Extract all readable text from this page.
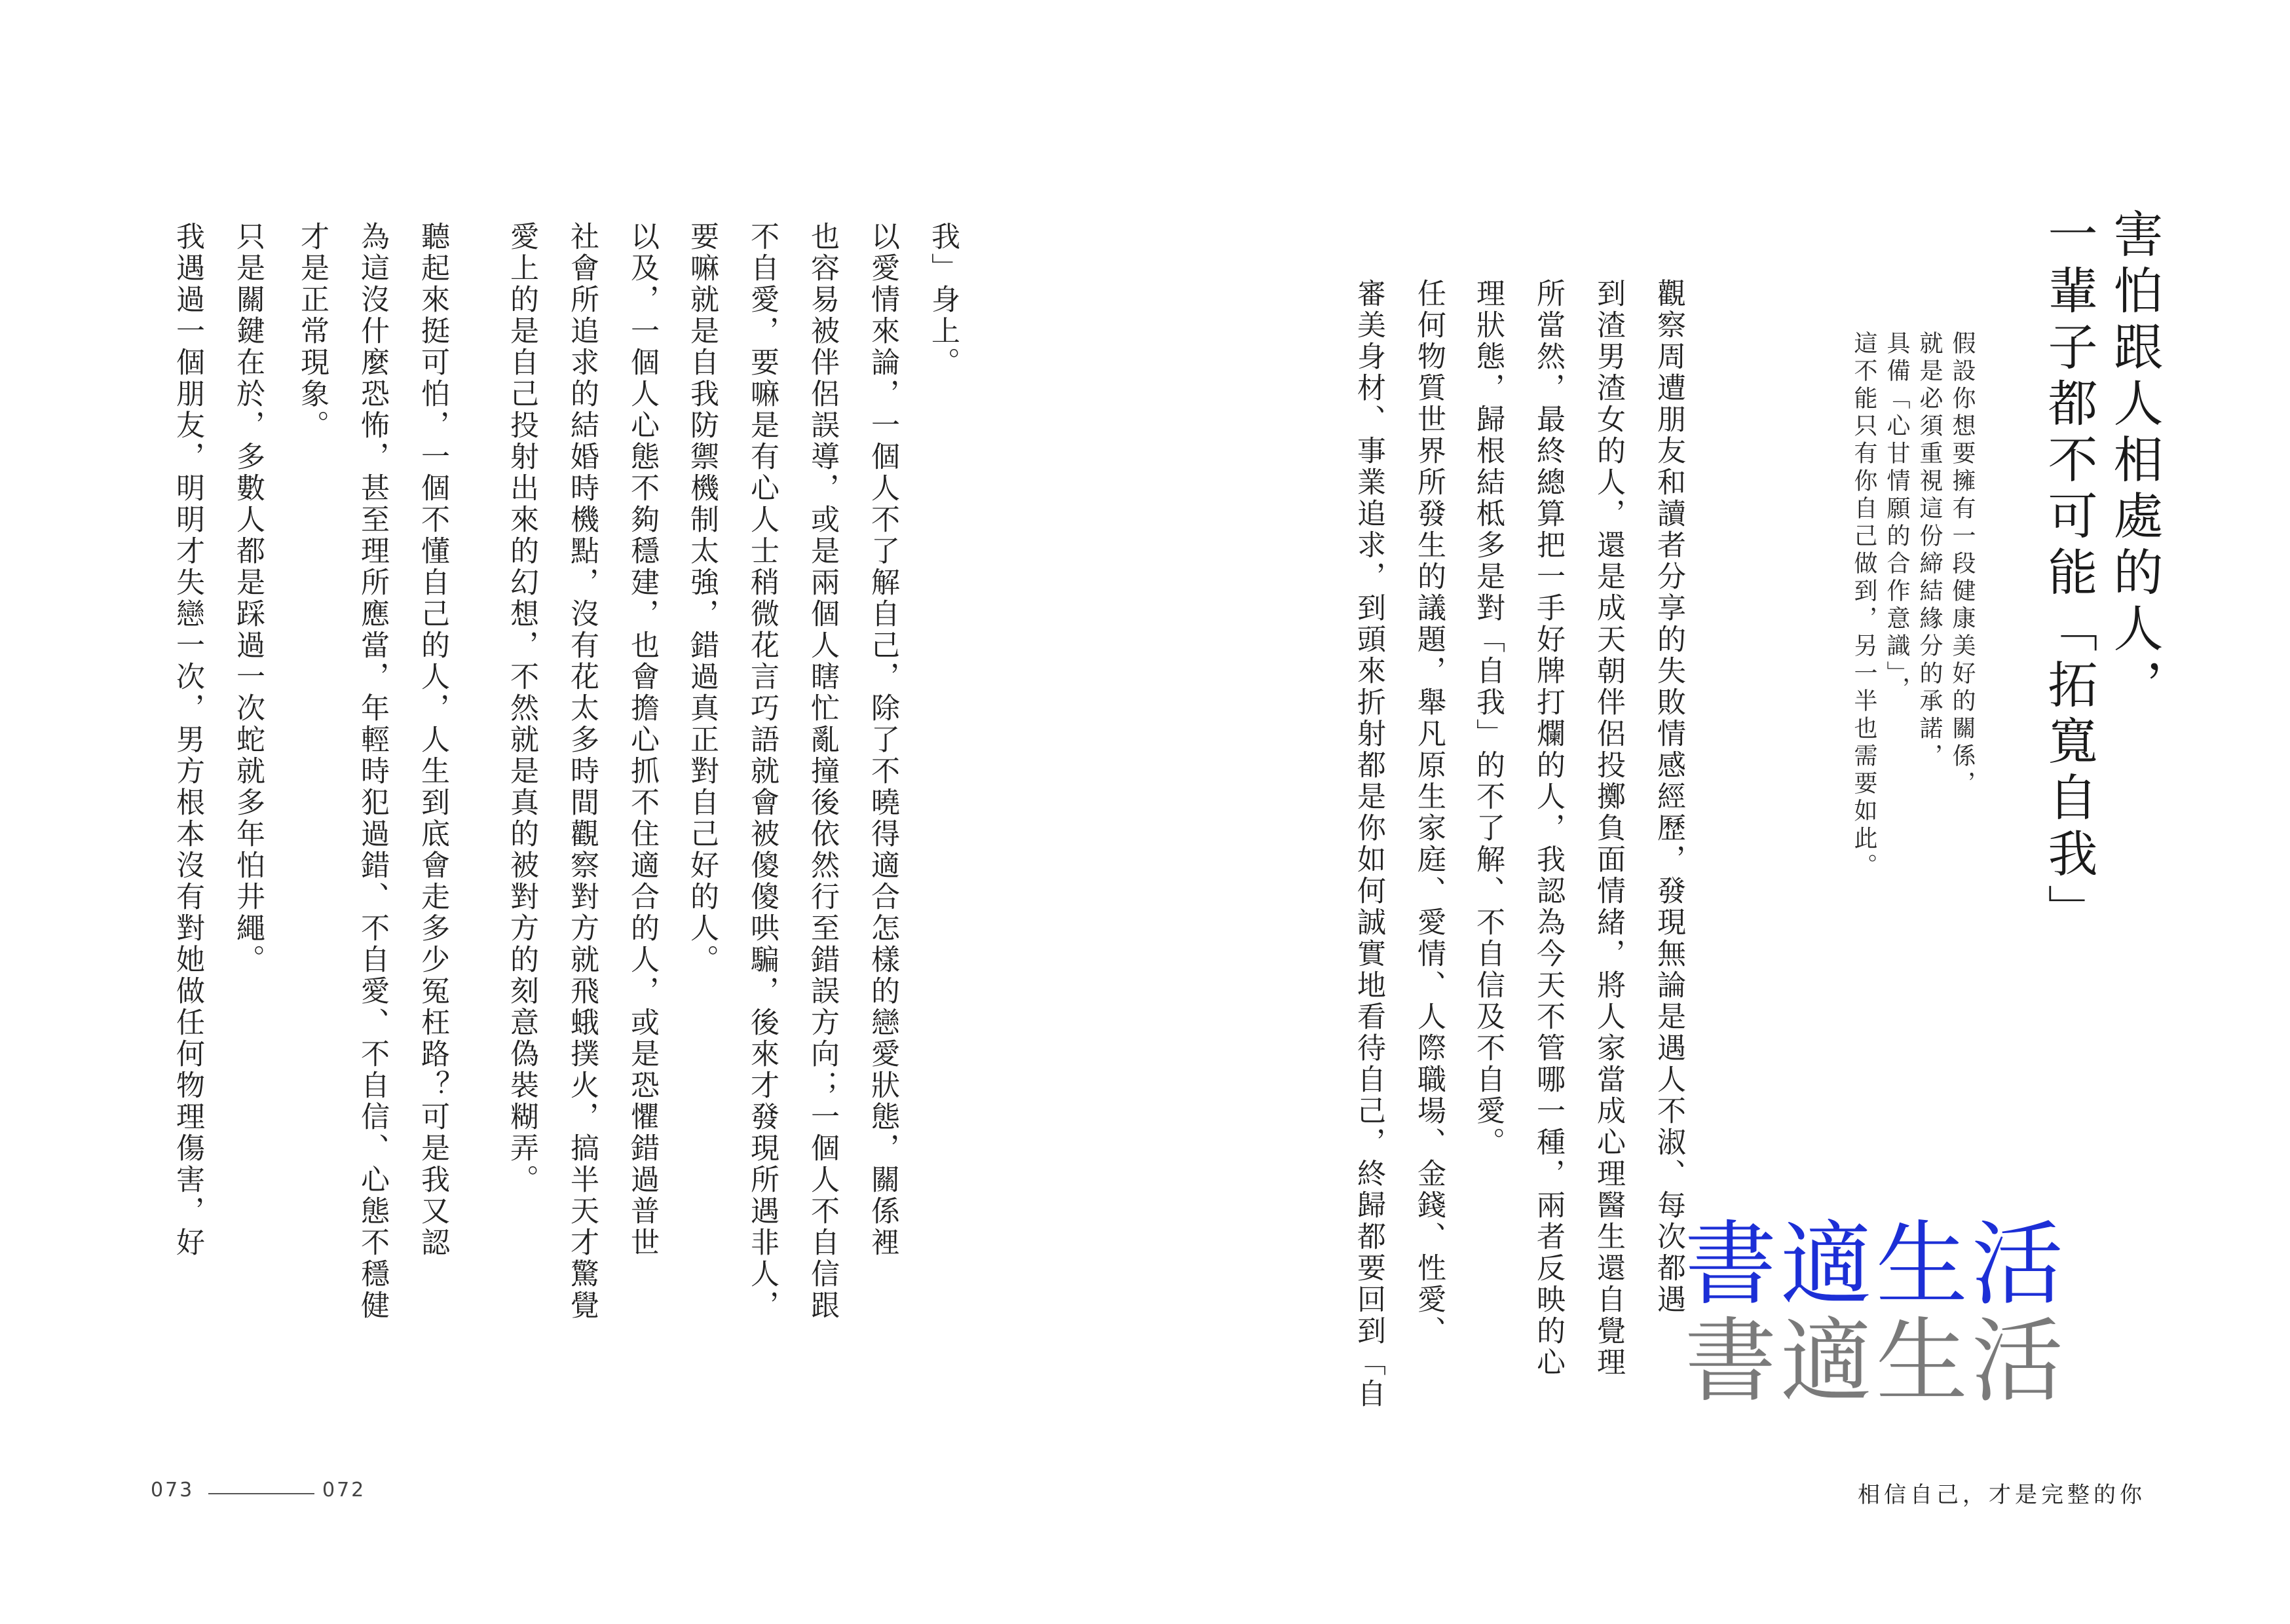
害怕跟人相處的人，
一輩子都不可能「拓寬自我」
假設你想要擁有一段健康美好的關係，
就是必須重視這份締結緣分的承諾，
具備「心甘情願的合作意識」，
這不能只有你自己做到，另一半也需要如此。
觀察周遭朋友和讀者分享的失敗情感經歷，發現無論是遇人不淑、每次都遇
到渣男渣女的人，還是成天朝伴侶投擲負面情緒，將人家當成心理醫生還自覺理
所當然，最終總算把一手好牌打爛的人，我認為今天不管哪一種，兩者反映的心
理狀態，歸根結柢多是對「自我」的不了解、不自信及不自愛。
任何物質世界所發生的議題，舉凡原生家庭、愛情、人際職場、金錢、性愛、
審美身材、事業追求，到頭來折射都是你如何誠實地看待自己，終歸都要回到「自	書適生活
書適生活
相信自己，才是完整的你
我」身上。
以愛情來論，一個人不了解自己，除了不曉得適合怎樣的戀愛狀態，關係裡
也容易被伴侶誤導，或是兩個人瞎忙亂撞後依然行至錯誤方向；一個人不自信跟
不自愛，要嘛是有心人士稍微花言巧語就會被傻傻哄騙，後來才發現所遇非人，
要嘛就是自我防禦機制太強，錯過真正對自己好的人。
以及，一個人心態不夠穩建，也會擔心抓不住適合的人，或是恐懼錯過普世
社會所追求的結婚時機點，沒有花太多時間觀察對方就飛蛾撲火，搞半天才驚覺
愛上的是自己投射出來的幻想，不然就是真的被對方的刻意偽裝糊弄。
聽起來挺可怕，一個不懂自己的人，人生到底會走多少冤枉路？可是我又認
為這沒什麼恐怖，甚至理所應當，年輕時犯過錯、不自愛、不自信、心態不穩健
才是正常現象。
只是關鍵在於，多數人都是踩過一次蛇就多年怕井繩。
我遇過一個朋友，明明才失戀一次，男方根本沒有對她做任何物理傷害，好
073	072
